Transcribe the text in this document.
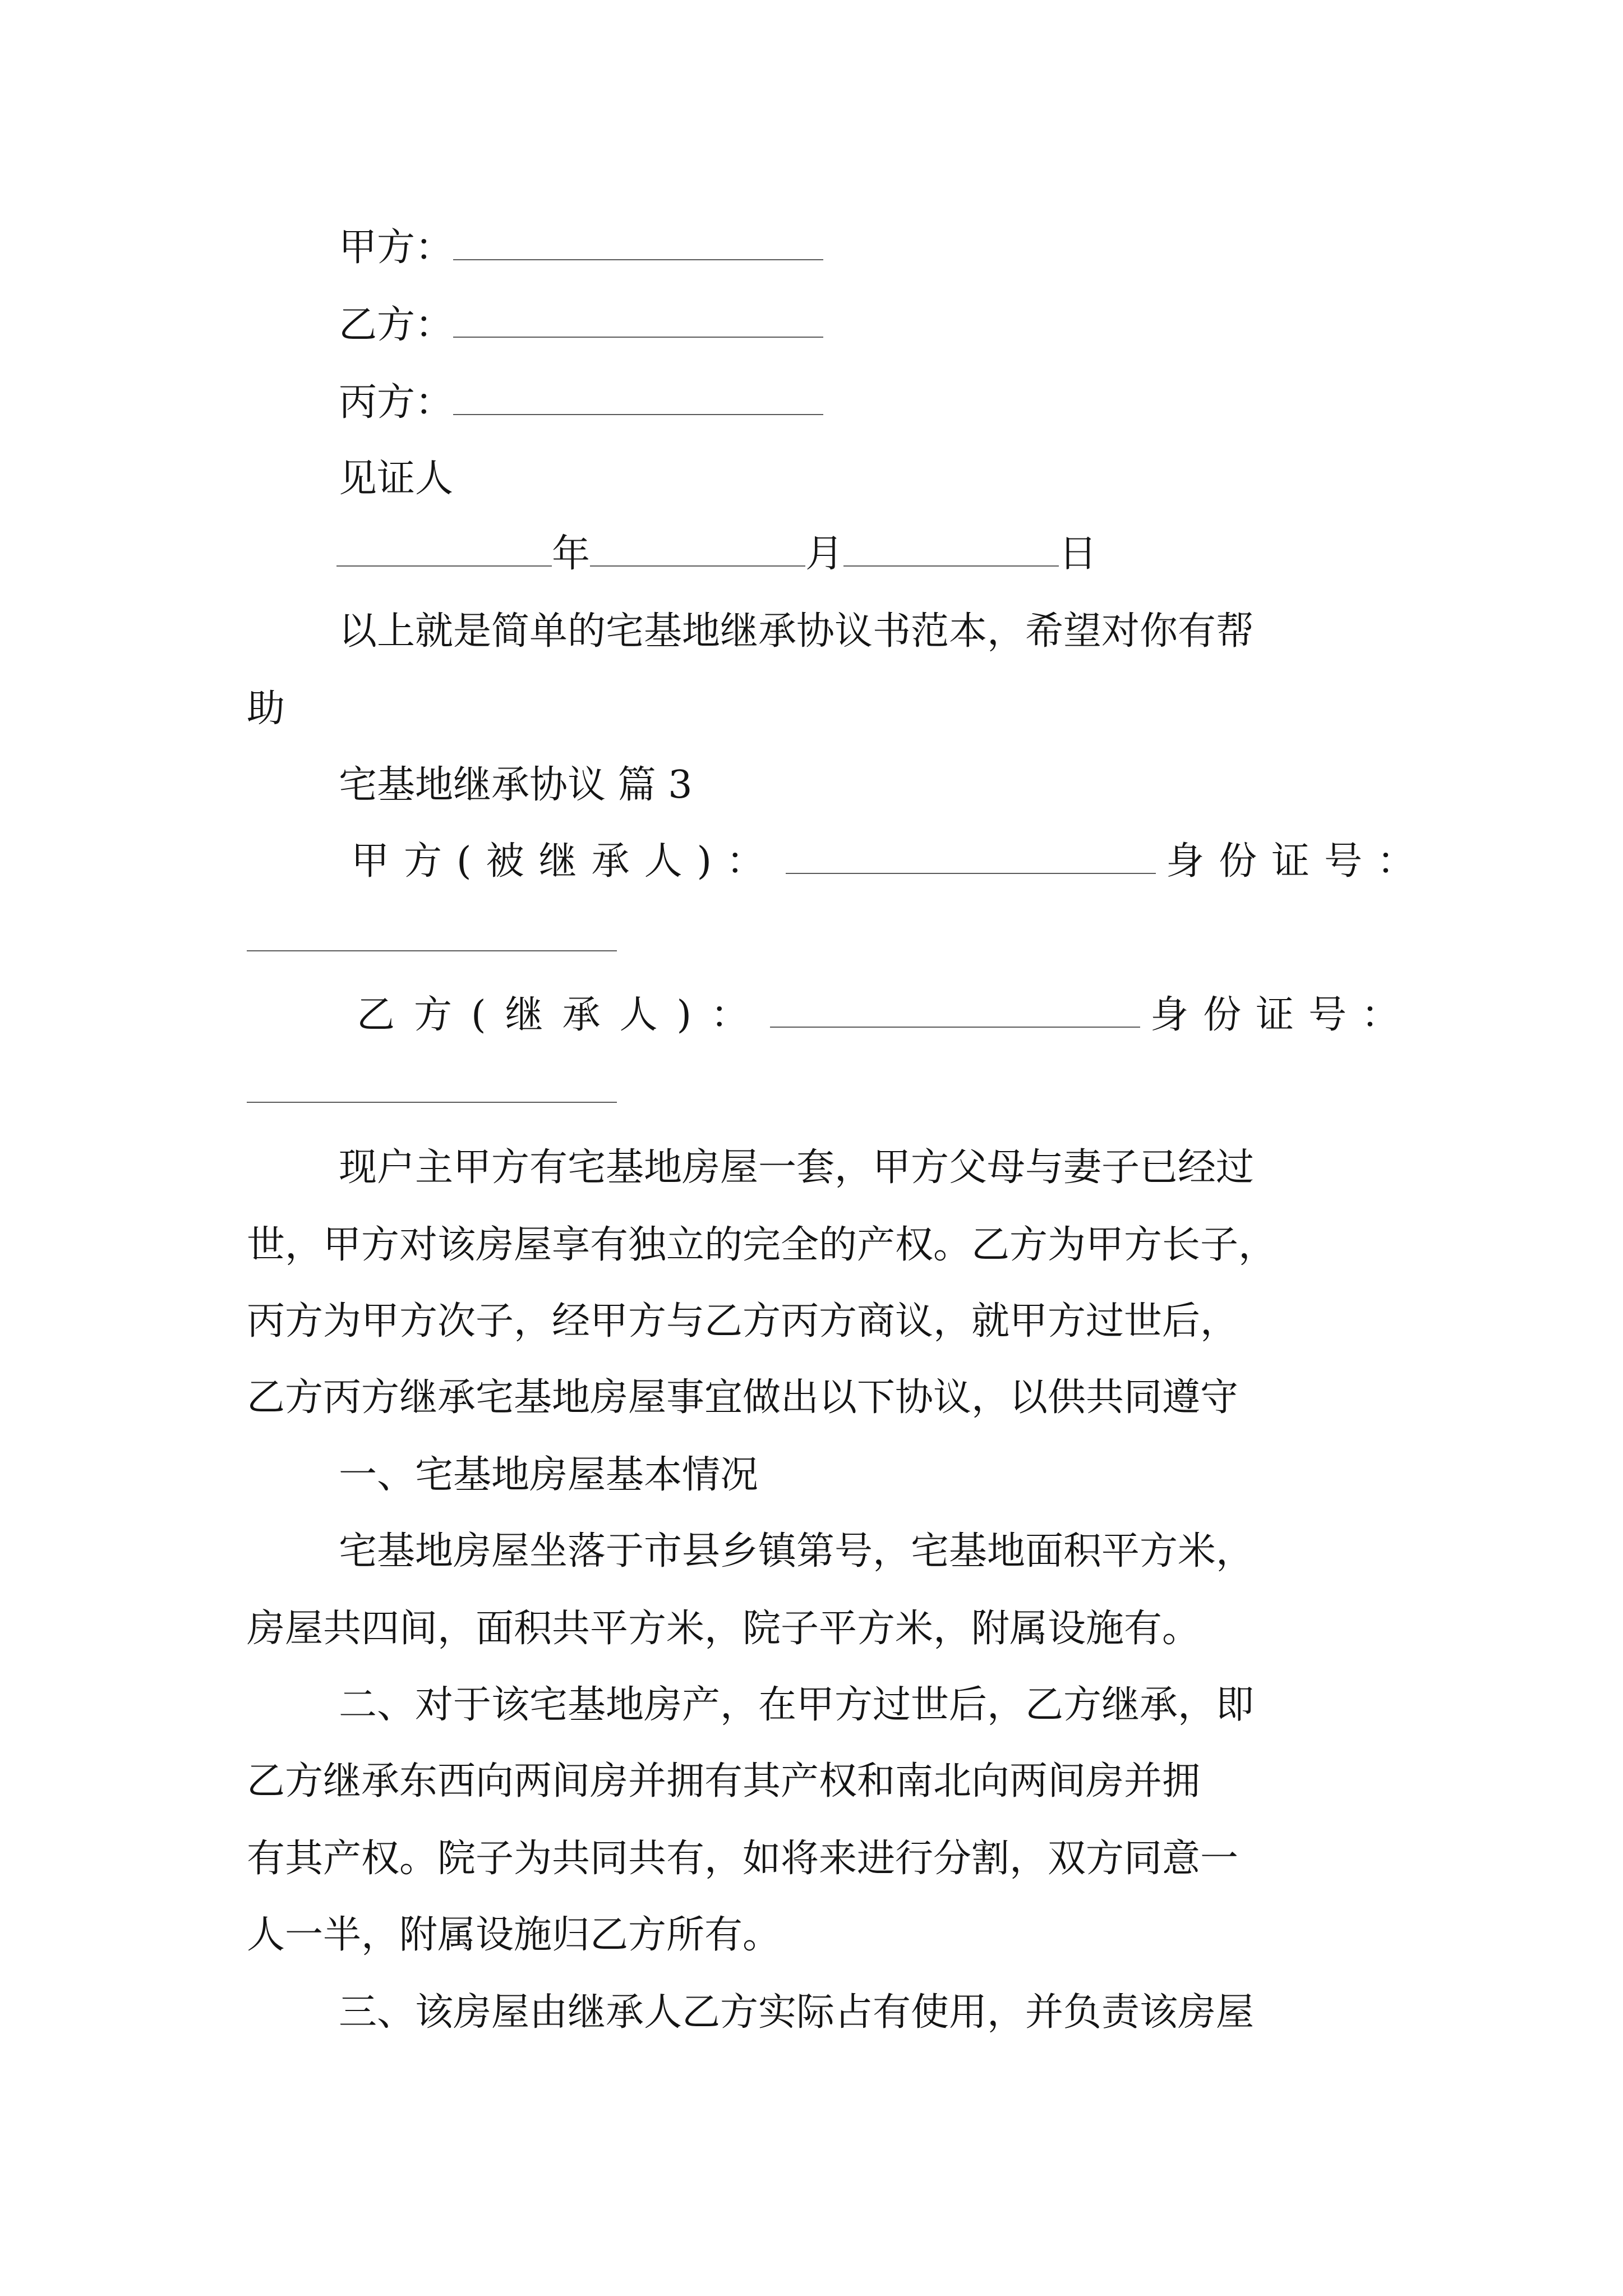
甲方：
乙方：
丙方：
见证人
年	月	日
以上就是简单的宅基地继承协议书范本，希望对你有帮
助
宅基地继承协议 篇 3
甲方(被继承人)：	身份证号：
乙方(继承人)：	身份证号：
现户主甲方有宅基地房屋一套，甲方父母与妻子已经过
世，甲方对该房屋享有独立的完全的产权。乙方为甲方长子，
丙方为甲方次子，经甲方与乙方丙方商议，就甲方过世后，
乙方丙方继承宅基地房屋事宜做出以下协议，以供共同遵守
一、宅基地房屋基本情况
宅基地房屋坐落于市县乡镇第号，宅基地面积平方米，
房屋共四间，面积共平方米，院子平方米，附属设施有。
二、对于该宅基地房产，在甲方过世后，乙方继承，即
乙方继承东西向两间房并拥有其产权和南北向两间房并拥
有其产权。院子为共同共有，如将来进行分割，双方同意一
人一半，附属设施归乙方所有。
三、该房屋由继承人乙方实际占有使用，并负责该房屋
